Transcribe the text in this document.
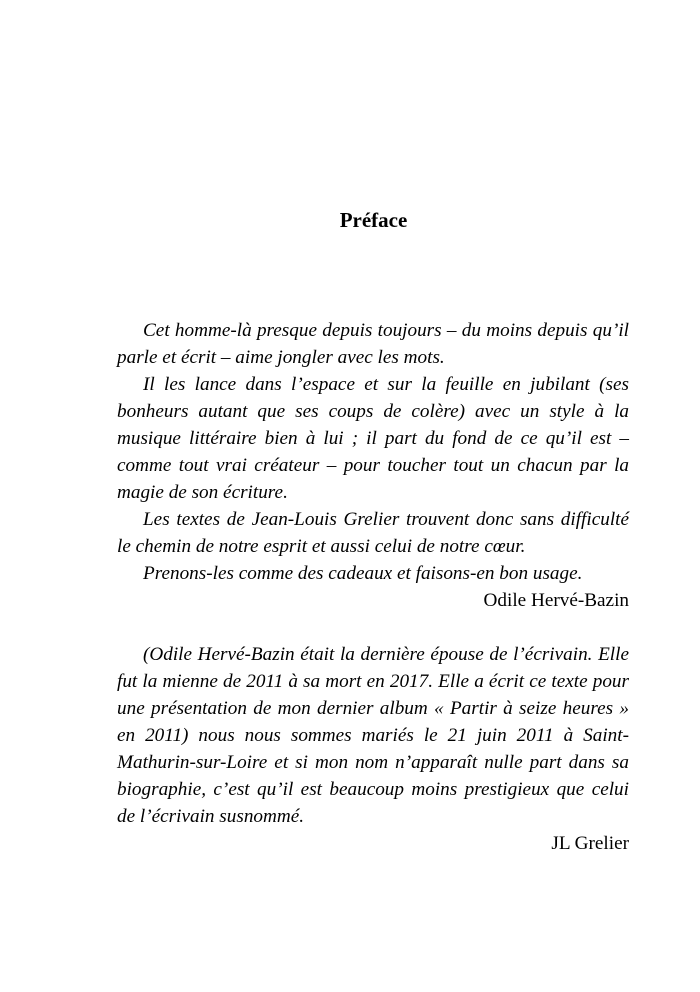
Préface

Cet homme-là presque depuis toujours – du moins depuis qu’il parle et écrit – aime jongler avec les mots.

Il les lance dans l’espace et sur la feuille en jubilant (ses bonheurs autant que ses coups de colère) avec un style à la musique littéraire bien à lui ; il part du fond de ce qu’il est – comme tout vrai créateur – pour toucher tout un chacun par la magie de son écriture.

Les textes de Jean-Louis Grelier trouvent donc sans difficulté le chemin de notre esprit et aussi celui de notre cœur.

Prenons-les comme des cadeaux et faisons-en bon usage.

Odile Hervé-Bazin

(Odile Hervé-Bazin était la dernière épouse de l’écrivain. Elle fut la mienne de 2011 à sa mort en 2017. Elle a écrit ce texte pour une présentation de mon dernier album « Partir à seize heures » en 2011) nous nous sommes mariés le 21 juin 2011 à Saint-Mathurin-sur-Loire et si mon nom n’apparaît nulle part dans sa biographie, c’est qu’il est beaucoup moins prestigieux que celui de l’écrivain susnommé.

JL Grelier
